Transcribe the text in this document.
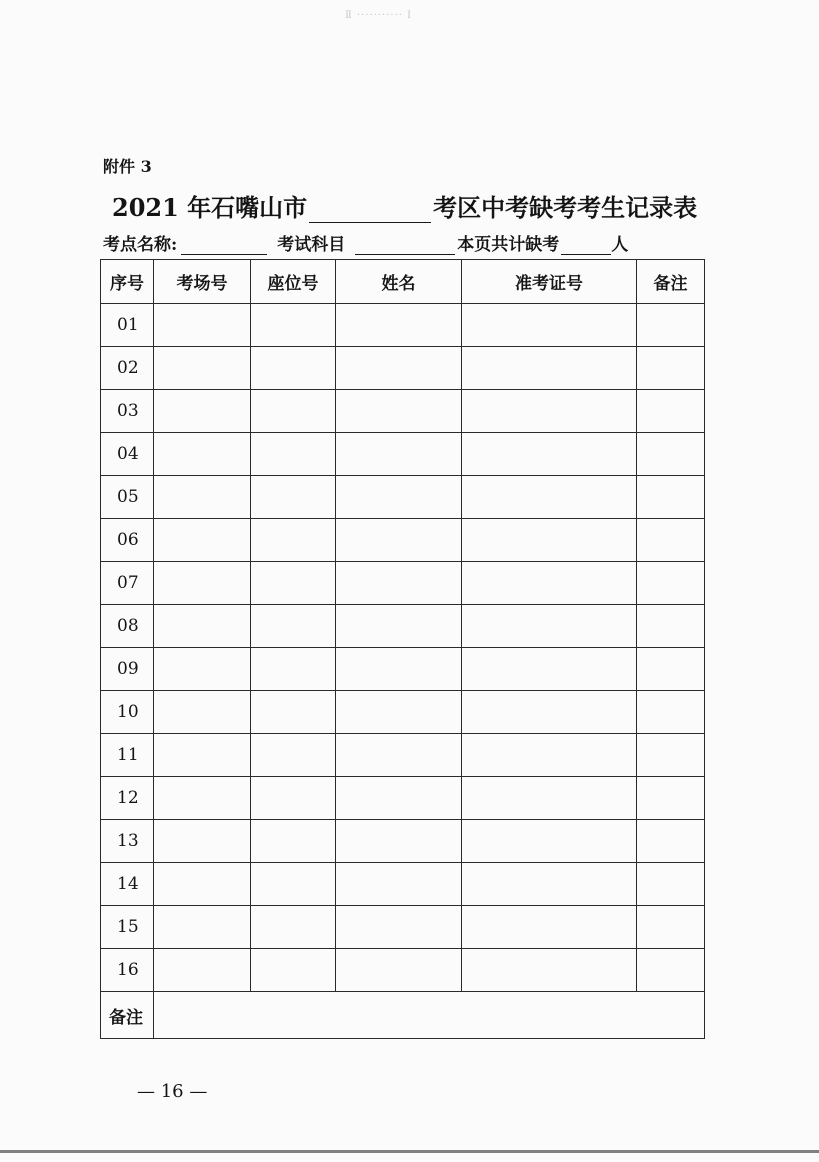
Ⅱ ··········· Ⅰ
附件 3
2021 年石嘴山市	考区中考缺考考生记录表
考点名称:	考试科目	本页共计缺考	人
序号	考场号	座位号	姓名	准考证号	备注
01					
02					
03					
04					
05					
06					
07					
08					
09					
10					
11					
12					
13					
14					
15					
16					
备注					
— 16 —
